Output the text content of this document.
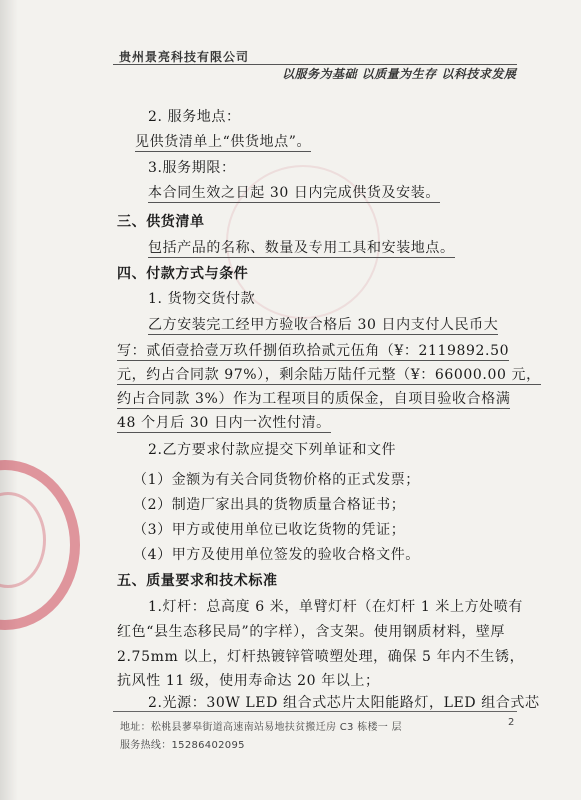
贵州景亮科技有限公司
以服务为基础 以质量为生存 以科技求发展
2. 服务地点：
见供货清单上“供货地点”。
3.服务期限：
本合同生效之日起 30 日内完成供货及安装。
三、供货清单
包括产品的名称、数量及专用工具和安装地点。
四、付款方式与条件
1. 货物交货付款
乙方安装完工经甲方验收合格后 30 日内支付人民币大
写：贰佰壹拾壹万玖仟捌佰玖拾贰元伍角（¥：2119892.50
元，约占合同款 97%），剩余陆万陆仟元整（¥：66000.00 元，
约占合同款 3%）作为工程项目的质保金，自项目验收合格满
48 个月后 30 日内一次性付清。
2.乙方要求付款应提交下列单证和文件
（1）金额为有关合同货物价格的正式发票；
（2）制造厂家出具的货物质量合格证书；
（3）甲方或使用单位已收讫货物的凭证；
（4）甲方及使用单位签发的验收合格文件。
五、质量要求和技术标准
1.灯杆：总高度 6 米，单臂灯杆（在灯杆 1 米上方处喷有
红色“县生态移民局”的字样），含支架。使用钢质材料，壁厚
2.75mm 以上，灯杆热镀锌管喷塑处理，确保 5 年内不生锈，
抗风性 11 级，使用寿命达 20 年以上；
2.光源：30W LED 组合式芯片太阳能路灯，LED 组合式芯
地址：松桃县蓼皋街道高速南站易地扶贫搬迁房 C3 栋楼一 层
服务热线：15286402095
2
